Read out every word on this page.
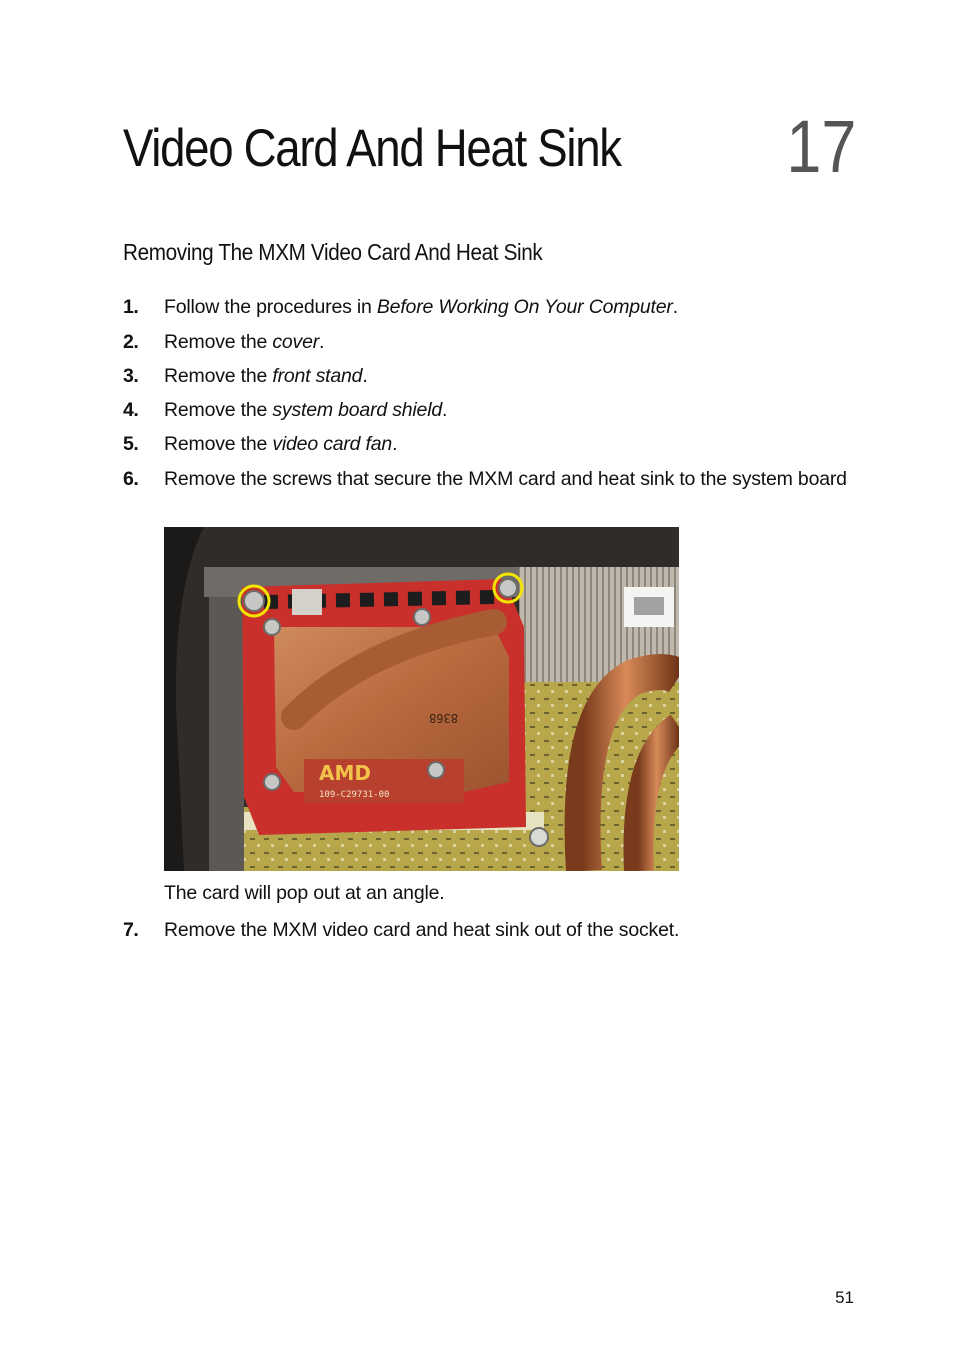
Video Card And Heat Sink 17
Removing The MXM Video Card And Heat Sink
1. Follow the procedures in Before Working On Your Computer.
2. Remove the cover.
3. Remove the front stand.
4. Remove the system board shield.
5. Remove the video card fan.
6. Remove the screws that secure the MXM card and heat sink to the system board
7. Remove the MXM video card and heat sink out of the socket.
8368
AMD
109-C29731-00
The card will pop out at an angle.
51
